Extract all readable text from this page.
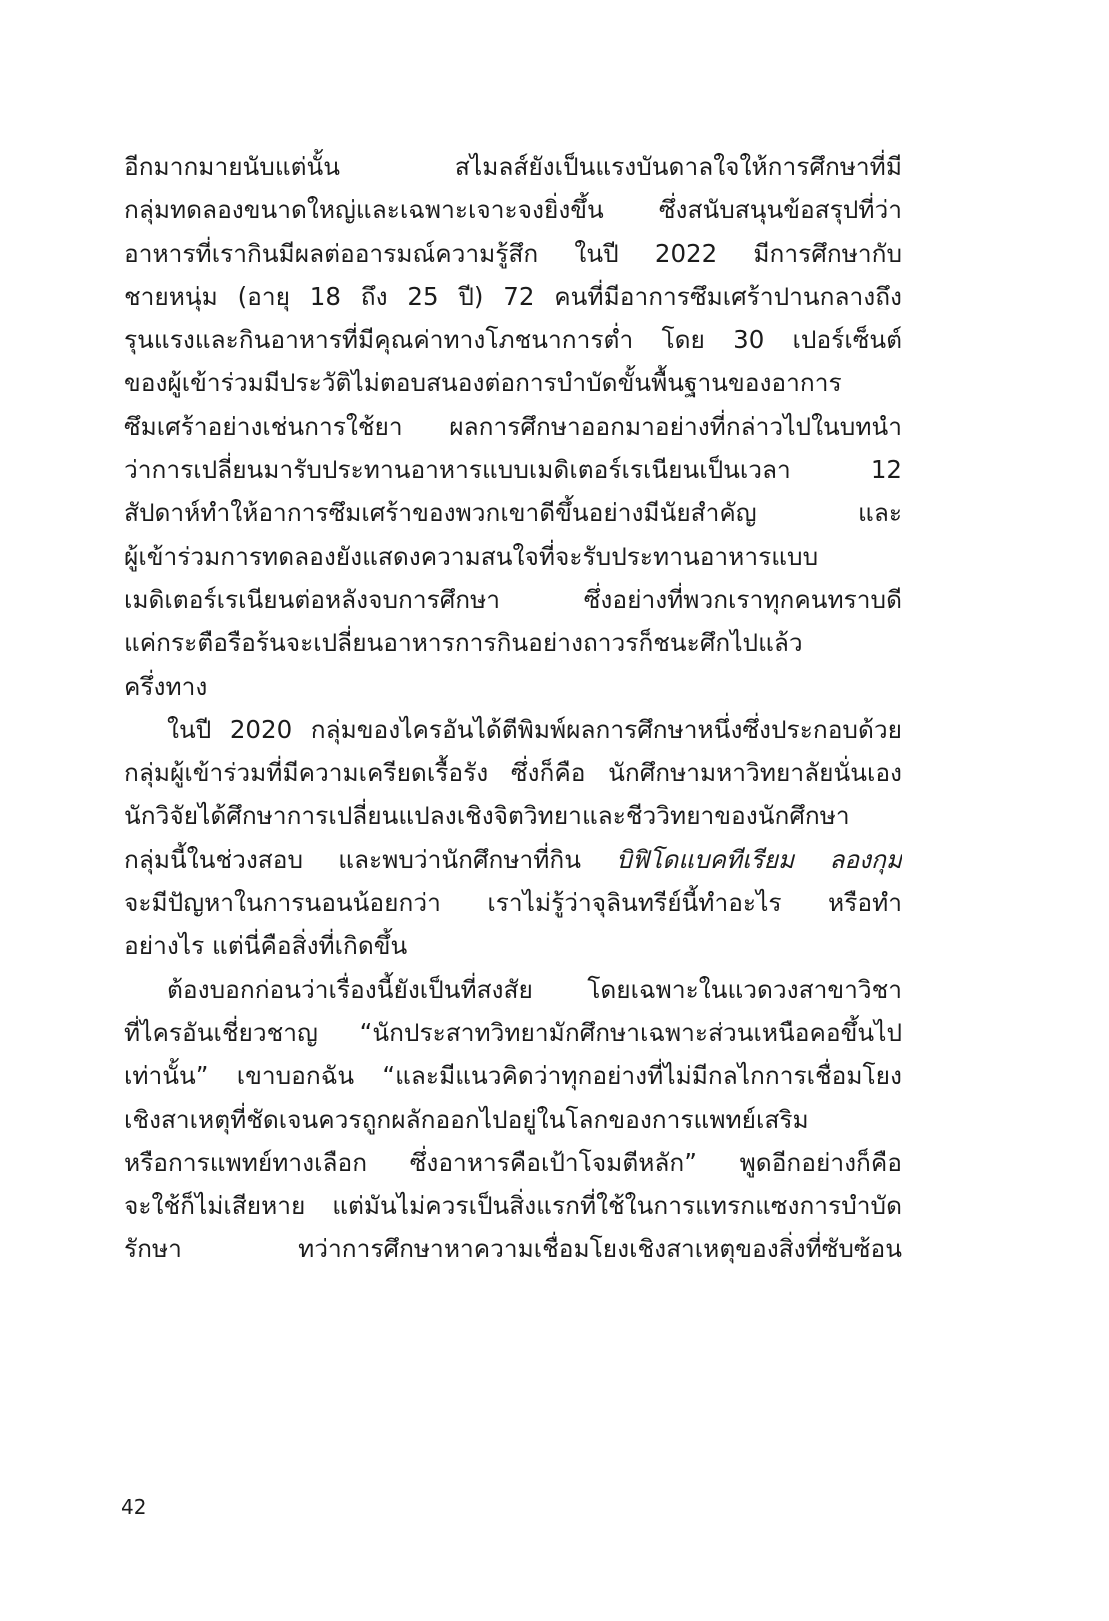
อีกมากมายนับแต่นั้น สไมลส์ยังเป็นแรงบันดาลใจให้การศึกษาที่มี
กลุ่มทดลองขนาดใหญ่และเฉพาะเจาะจงยิ่งขึ้น ซึ่งสนับสนุนข้อสรุปที่ว่า
อาหารที่เรากินมีผลต่ออารมณ์ความรู้สึก ในปี 2022 มีการศึกษากับ
ชายหนุ่ม (อายุ 18 ถึง 25 ปี) 72 คนที่มีอาการซึมเศร้าปานกลางถึง
รุนแรงและกินอาหารที่มีคุณค่าทางโภชนาการต่ำ โดย 30 เปอร์เซ็นต์
ของผู้เข้าร่วมมีประวัติไม่ตอบสนองต่อการบำบัดขั้นพื้นฐานของอาการ
ซึมเศร้าอย่างเช่นการใช้ยา ผลการศึกษาออกมาอย่างที่กล่าวไปในบทนำ
ว่าการเปลี่ยนมารับประทานอาหารแบบเมดิเตอร์เรเนียนเป็นเวลา 12
สัปดาห์ทำให้อาการซึมเศร้าของพวกเขาดีขึ้นอย่างมีนัยสำคัญ และ
ผู้เข้าร่วมการทดลองยังแสดงความสนใจที่จะรับประทานอาหารแบบ
เมดิเตอร์เรเนียนต่อหลังจบการศึกษา ซึ่งอย่างที่พวกเราทุกคนทราบดี
แค่กระตือรือร้นจะเปลี่ยนอาหารการกินอย่างถาวรก็ชนะศึกไปแล้ว
ครึ่งทาง
ในปี 2020 กลุ่มของไครอันได้ตีพิมพ์ผลการศึกษาหนึ่งซึ่งประกอบด้วย
กลุ่มผู้เข้าร่วมที่มีความเครียดเรื้อรัง ซึ่งก็คือ นักศึกษามหาวิทยาลัยนั่นเอง
นักวิจัยได้ศึกษาการเปลี่ยนแปลงเชิงจิตวิทยาและชีววิทยาของนักศึกษา
กลุ่มนี้ในช่วงสอบ และพบว่านักศึกษาที่กิน บิฟิโดแบคทีเรียม ลองกุม
จะมีปัญหาในการนอนน้อยกว่า เราไม่รู้ว่าจุลินทรีย์นี้ทำอะไร หรือทำ
อย่างไร แต่นี่คือสิ่งที่เกิดขึ้น
ต้องบอกก่อนว่าเรื่องนี้ยังเป็นที่สงสัย โดยเฉพาะในแวดวงสาขาวิชา
ที่ไครอันเชี่ยวชาญ “นักประสาทวิทยามักศึกษาเฉพาะส่วนเหนือคอขึ้นไป
เท่านั้น” เขาบอกฉัน “และมีแนวคิดว่าทุกอย่างที่ไม่มีกลไกการเชื่อมโยง
เชิงสาเหตุที่ชัดเจนควรถูกผลักออกไปอยู่ในโลกของการแพทย์เสริม
หรือการแพทย์ทางเลือก ซึ่งอาหารคือเป้าโจมตีหลัก” พูดอีกอย่างก็คือ
จะใช้ก็ไม่เสียหาย แต่มันไม่ควรเป็นสิ่งแรกที่ใช้ในการแทรกแซงการบำบัด
รักษา ทว่าการศึกษาหาความเชื่อมโยงเชิงสาเหตุของสิ่งที่ซับซ้อน
42
